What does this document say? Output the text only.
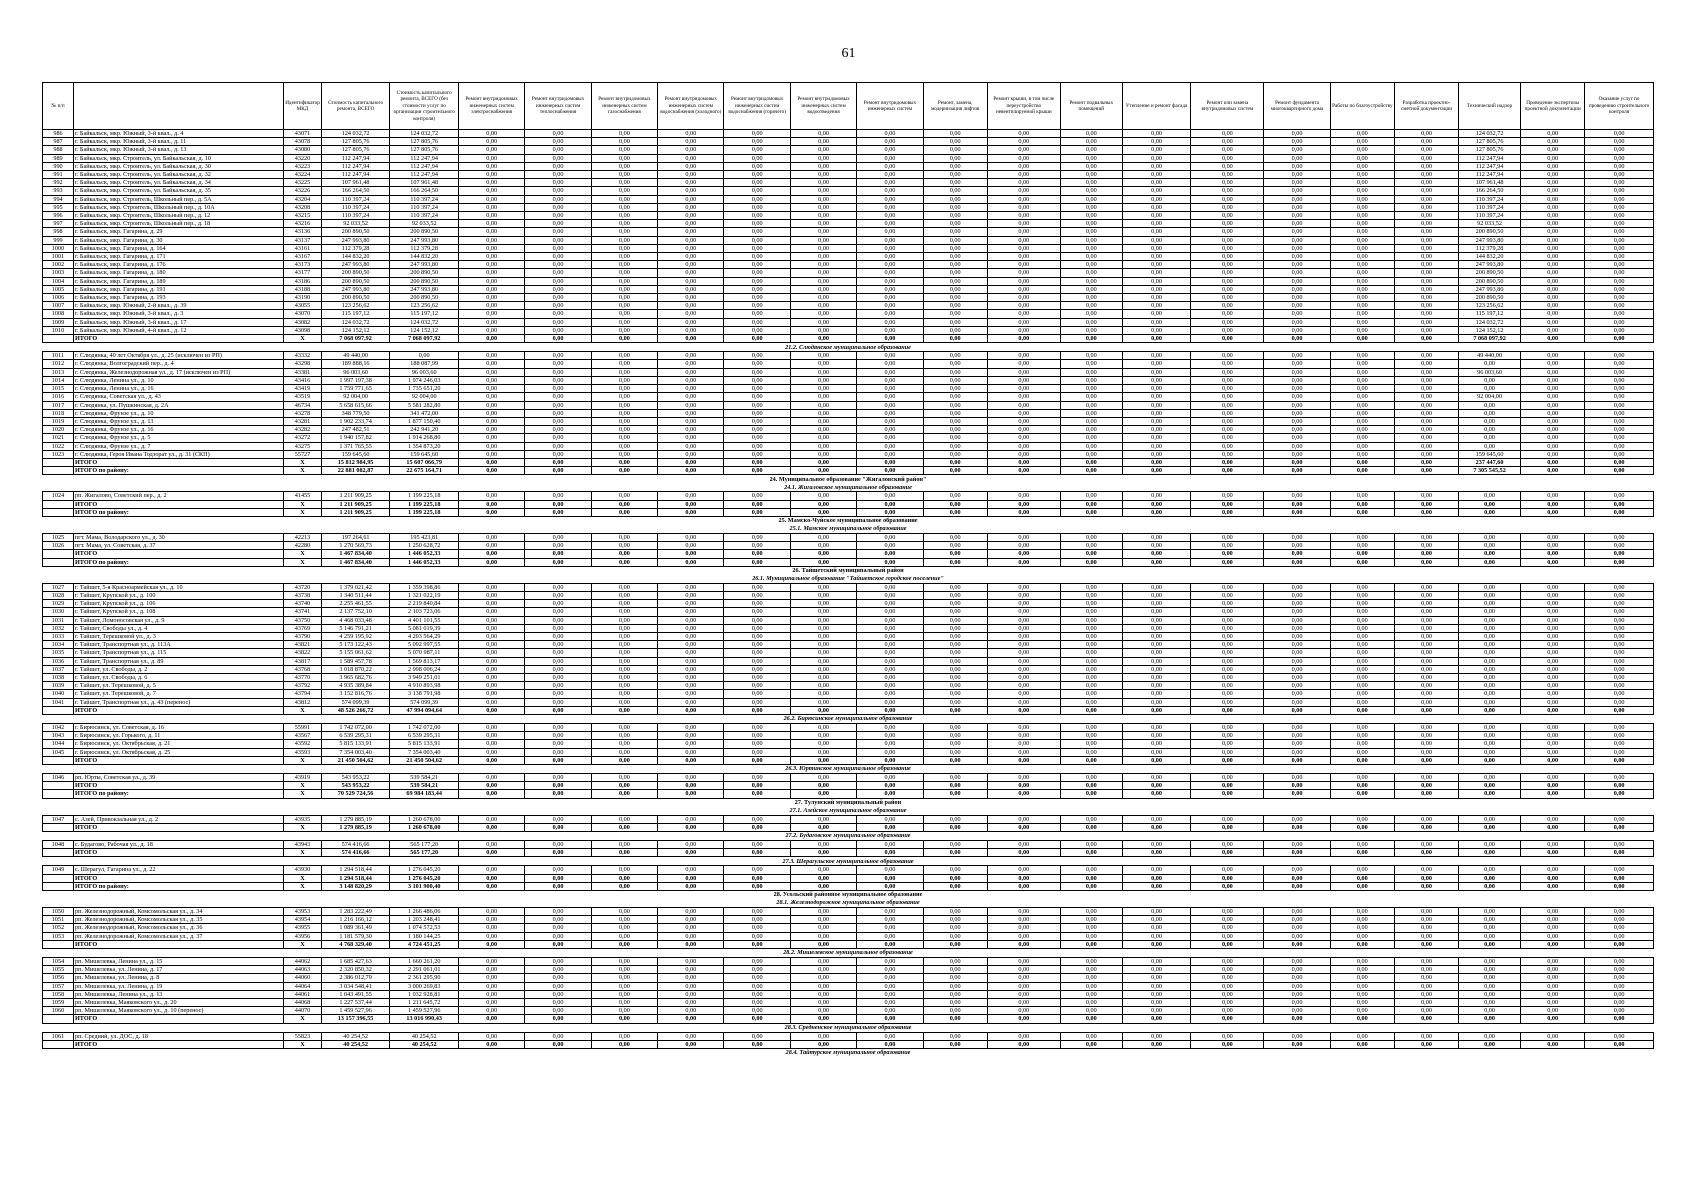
61
№ п/п		Идентификатор МКД	Стоимость капитального ремонта, ВСЕГО	Стоимость капитального ремонта, ВСЕГО (без стоимости услуг по организации строительного контроля)	Ремонт внутридомовых инженерных систем электроснабжения	Ремонт внутридомовых инженерных систем теплоснабжения	Ремонт внутридомовых инженерных систем газоснабжения	Ремонт внутридомовых инженерных систем водоснабжения (холодного)	Ремонт внутридомовых инженерных систем водоснабжения (горячего)	Ремонт внутридомовых инженерных систем водоотведения	Ремонт внутридомовых инженерных систем	Ремонт, замена, модернизация лифтов	Ремонт крыши, в том числе переустройство невентилируемой крыши	Ремонт подвальных помещений	Утепление и ремонт фасада	Ремонт или замена внутридомовых систем	Ремонт фундамента многоквартирного дома	Работы по благоустройству	Разработка проектно-сметной документации	Технический надзор	Проведение экспертизы проектной документации	Оказание услуг по проведению строительного контроля
986	г. Байкальск, мкр. Южный, 3-й квал., д. 4	43071	124 032,72	124 032,72	0,00	0,00	0,00	0,00	0,00	0,00	0,00	0,00	0,00	0,00	0,00	0,00	0,00	0,00	0,00	124 032,72	0,00	0,00
987	г. Байкальск, мкр. Южный, 3-й квал., д. 11	43078	127 805,76	127 805,76	0,00	0,00	0,00	0,00	0,00	0,00	0,00	0,00	0,00	0,00	0,00	0,00	0,00	0,00	0,00	127 805,76	0,00	0,00
988	г. Байкальск, мкр. Южный, 3-й квал., д. 13	43080	127 805,76	127 805,76	0,00	0,00	0,00	0,00	0,00	0,00	0,00	0,00	0,00	0,00	0,00	0,00	0,00	0,00	0,00	127 805,76	0,00	0,00
989	г. Байкальск, мкр. Строитель, ул. Байкальская, д. 10	43220	112 247,94	112 247,94	0,00	0,00	0,00	0,00	0,00	0,00	0,00	0,00	0,00	0,00	0,00	0,00	0,00	0,00	0,00	112 247,94	0,00	0,00
990	г. Байкальск, мкр. Строитель, ул. Байкальская, д. 30	43223	112 247,94	112 247,94	0,00	0,00	0,00	0,00	0,00	0,00	0,00	0,00	0,00	0,00	0,00	0,00	0,00	0,00	0,00	112 247,94	0,00	0,00
991	г. Байкальск, мкр. Строитель, ул. Байкальская, д. 32	43224	112 247,94	112 247,94	0,00	0,00	0,00	0,00	0,00	0,00	0,00	0,00	0,00	0,00	0,00	0,00	0,00	0,00	0,00	112 247,94	0,00	0,00
992	г. Байкальск, мкр. Строитель, ул. Байкальская, д. 34	43225	107 961,48	107 961,48	0,00	0,00	0,00	0,00	0,00	0,00	0,00	0,00	0,00	0,00	0,00	0,00	0,00	0,00	0,00	107 961,48	0,00	0,00
993	г. Байкальск, мкр. Строитель, ул. Байкальская, д. 35	43226	166 264,50	166 264,50	0,00	0,00	0,00	0,00	0,00	0,00	0,00	0,00	0,00	0,00	0,00	0,00	0,00	0,00	0,00	166 264,50	0,00	0,00
994	г. Байкальск, мкр. Строитель, Школьный пер., д. 5А	43204	110 397,24	110 397,24	0,00	0,00	0,00	0,00	0,00	0,00	0,00	0,00	0,00	0,00	0,00	0,00	0,00	0,00	0,00	110 397,24	0,00	0,00
995	г. Байкальск, мкр. Строитель, Школьный пер., д. 10А	43208	110 397,24	110 397,24	0,00	0,00	0,00	0,00	0,00	0,00	0,00	0,00	0,00	0,00	0,00	0,00	0,00	0,00	0,00	110 397,24	0,00	0,00
996	г. Байкальск, мкр. Строитель, Школьный пер., д. 12	43215	110 397,24	110 397,24	0,00	0,00	0,00	0,00	0,00	0,00	0,00	0,00	0,00	0,00	0,00	0,00	0,00	0,00	0,00	110 397,24	0,00	0,00
997	г. Байкальск, мкр. Строитель, Школьный пер., д. 18	43216	92 033,52	92 033,52	0,00	0,00	0,00	0,00	0,00	0,00	0,00	0,00	0,00	0,00	0,00	0,00	0,00	0,00	0,00	92 033,52	0,00	0,00
998	г. Байкальск, мкр. Гагарина, д. 29	43136	200 890,50	200 890,50	0,00	0,00	0,00	0,00	0,00	0,00	0,00	0,00	0,00	0,00	0,00	0,00	0,00	0,00	0,00	200 890,50	0,00	0,00
999	г. Байкальск, мкр. Гагарина, д. 30	43137	247 993,80	247 993,80	0,00	0,00	0,00	0,00	0,00	0,00	0,00	0,00	0,00	0,00	0,00	0,00	0,00	0,00	0,00	247 993,80	0,00	0,00
1000	г. Байкальск, мкр. Гагарина, д. 164	43161	112 379,28	112 379,28	0,00	0,00	0,00	0,00	0,00	0,00	0,00	0,00	0,00	0,00	0,00	0,00	0,00	0,00	0,00	112 379,28	0,00	0,00
1001	г. Байкальск, мкр. Гагарина, д. 171	43167	144 832,20	144 832,20	0,00	0,00	0,00	0,00	0,00	0,00	0,00	0,00	0,00	0,00	0,00	0,00	0,00	0,00	0,00	144 832,20	0,00	0,00
1002	г. Байкальск, мкр. Гагарина, д. 176	43173	247 993,80	247 993,80	0,00	0,00	0,00	0,00	0,00	0,00	0,00	0,00	0,00	0,00	0,00	0,00	0,00	0,00	0,00	247 993,80	0,00	0,00
1003	г. Байкальск, мкр. Гагарина, д. 180	43177	200 890,50	200 890,50	0,00	0,00	0,00	0,00	0,00	0,00	0,00	0,00	0,00	0,00	0,00	0,00	0,00	0,00	0,00	200 890,50	0,00	0,00
1004	г. Байкальск, мкр. Гагарина, д. 189	43186	200 890,50	200 890,50	0,00	0,00	0,00	0,00	0,00	0,00	0,00	0,00	0,00	0,00	0,00	0,00	0,00	0,00	0,00	200 890,50	0,00	0,00
1005	г. Байкальск, мкр. Гагарина, д. 191	43188	247 993,80	247 993,80	0,00	0,00	0,00	0,00	0,00	0,00	0,00	0,00	0,00	0,00	0,00	0,00	0,00	0,00	0,00	247 993,80	0,00	0,00
1006	г. Байкальск, мкр. Гагарина, д. 193	43190	200 890,50	200 890,50	0,00	0,00	0,00	0,00	0,00	0,00	0,00	0,00	0,00	0,00	0,00	0,00	0,00	0,00	0,00	200 890,50	0,00	0,00
1007	г. Байкальск, мкр. Южный, 2-й квал., д. 39	43055	123 256,62	123 256,62	0,00	0,00	0,00	0,00	0,00	0,00	0,00	0,00	0,00	0,00	0,00	0,00	0,00	0,00	0,00	123 256,62	0,00	0,00
1008	г. Байкальск, мкр. Южный, 3-й квал., д. 3	43070	115 197,12	115 197,12	0,00	0,00	0,00	0,00	0,00	0,00	0,00	0,00	0,00	0,00	0,00	0,00	0,00	0,00	0,00	115 197,12	0,00	0,00
1009	г. Байкальск, мкр. Южный, 3-й квал., д. 17	43082	124 032,72	124 032,72	0,00	0,00	0,00	0,00	0,00	0,00	0,00	0,00	0,00	0,00	0,00	0,00	0,00	0,00	0,00	124 032,72	0,00	0,00
1010	г. Байкальск, мкр. Южный, 4-й квал., д. 12	43098	124 152,12	124 152,12	0,00	0,00	0,00	0,00	0,00	0,00	0,00	0,00	0,00	0,00	0,00	0,00	0,00	0,00	0,00	124 152,12	0,00	0,00
	ИТОГО	X	7 068 097,92	7 068 097,92	0,00	0,00	0,00	0,00	0,00	0,00	0,00	0,00	0,00	0,00	0,00	0,00	0,00	0,00	0,00	7 068 097,92	0,00	0,00
21.2. Слюдянское муниципальное образование																						
1011	г. Слюдянка, 40 лет Октября ул., д. 25 (исключен из РП)	43332	49 440,00	0,00	0,00	0,00	0,00	0,00	0,00	0,00	0,00	0,00	0,00	0,00	0,00	0,00	0,00	0,00	0,00	49 440,00	0,00	0,00
1012	г. Слюдянка, Волгоградский пер., д. 4	43298	189 888,16	188 087,99	0,00	0,00	0,00	0,00	0,00	0,00	0,00	0,00	0,00	0,00	0,00	0,00	0,00	0,00	0,00	0,00	0,00	0,00
1013	г. Слюдянка, Железнодорожная ул., д. 17 (исключен из РП)	43381	96 003,60	96 003,60	0,00	0,00	0,00	0,00	0,00	0,00	0,00	0,00	0,00	0,00	0,00	0,00	0,00	0,00	0,00	96 003,60	0,00	0,00
1014	г. Слюдянка, Ленина ул., д. 10	43416	1 997 197,38	1 974 246,03	0,00	0,00	0,00	0,00	0,00	0,00	0,00	0,00	0,00	0,00	0,00	0,00	0,00	0,00	0,00	0,00	0,00	0,00
1015	г. Слюдянка, Ленина ул., д. 16	43419	1 759 771,65	1 735 651,20	0,00	0,00	0,00	0,00	0,00	0,00	0,00	0,00	0,00	0,00	0,00	0,00	0,00	0,00	0,00	0,00	0,00	0,00
1016	г. Слюдянка, Советская ул., д. 43	43519	92 004,00	92 004,00	0,00	0,00	0,00	0,00	0,00	0,00	0,00	0,00	0,00	0,00	0,00	0,00	0,00	0,00	0,00	92 004,00	0,00	0,00
1017	г. Слюдянка, ул. Пушкинская, д. 2А	46734	5 658 615,66	5 581 282,80	0,00	0,00	0,00	0,00	0,00	0,00	0,00	0,00	0,00	0,00	0,00	0,00	0,00	0,00	0,00	0,00	0,00	0,00
1018	г. Слюдянка, Фрунзе ул., д. 10	43278	348 779,50	341 472,00	0,00	0,00	0,00	0,00	0,00	0,00	0,00	0,00	0,00	0,00	0,00	0,00	0,00	0,00	0,00	0,00	0,00	0,00
1019	г. Слюдянка, Фрунзе ул., д. 13	43281	1 902 233,74	1 877 150,40	0,00	0,00	0,00	0,00	0,00	0,00	0,00	0,00	0,00	0,00	0,00	0,00	0,00	0,00	0,00	0,00	0,00	0,00
1020	г. Слюдянка, Фрунзе ул., д. 16	43282	247 482,51	242 941,20	0,00	0,00	0,00	0,00	0,00	0,00	0,00	0,00	0,00	0,00	0,00	0,00	0,00	0,00	0,00	0,00	0,00	0,00
1021	г. Слюдянка, Фрунзе ул., д. 5	43272	1 940 157,82	1 914 268,80	0,00	0,00	0,00	0,00	0,00	0,00	0,00	0,00	0,00	0,00	0,00	0,00	0,00	0,00	0,00	0,00	0,00	0,00
1022	г. Слюдянка, Фрунзе ул., д. 7	43275	1 371 765,55	1 354 873,20	0,00	0,00	0,00	0,00	0,00	0,00	0,00	0,00	0,00	0,00	0,00	0,00	0,00	0,00	0,00	0,00	0,00	0,00
1023	г. Слюдянка, Героя Ивана Тодзорат ул., д. 31 (СКП)	55727	159 645,60	159 645,60	0,00	0,00	0,00	0,00	0,00	0,00	0,00	0,00	0,00	0,00	0,00	0,00	0,00	0,00	0,00	159 645,60	0,00	0,00
	ИТОГО	X	15 812 984,95	15 607 066,79	0,00	0,00	0,00	0,00	0,00	0,00	0,00	0,00	0,00	0,00	0,00	0,00	0,00	0,00	0,00	237 447,60	0,00	0,00
	ИТОГО по району:	X	22 881 082,87	22 675 164,71	0,00	0,00	0,00	0,00	0,00	0,00	0,00	0,00	0,00	0,00	0,00	0,00	0,00	0,00	0,00	7 305 545,52	0,00	0,00
24. Муниципальное образование "Жигаловский район"																						
24.1. Жигаловское муниципальное образование																						
1024	рп. Жигалово, Советский пер., д. 2	41455	1 211 909,25	1 199 225,18	0,00	0,00	0,00	0,00	0,00	0,00	0,00	0,00	0,00	0,00	0,00	0,00	0,00	0,00	0,00	0,00	0,00	0,00
	ИТОГО	X	1 211 909,25	1 199 225,18	0,00	0,00	0,00	0,00	0,00	0,00	0,00	0,00	0,00	0,00	0,00	0,00	0,00	0,00	0,00	0,00	0,00	0,00
	ИТОГО по району:	X	1 211 909,25	1 199 225,18	0,00	0,00	0,00	0,00	0,00	0,00	0,00	0,00	0,00	0,00	0,00	0,00	0,00	0,00	0,00	0,00	0,00	0,00
25. Мамско-Чуйское муниципальное образование																						
25.1. Мамское муниципальное образование																						
1025	пгт. Мама, Володарского ул., д. 30	42213	197 264,61	195 423,81	0,00	0,00	0,00	0,00	0,00	0,00	0,00	0,00	0,00	0,00	0,00	0,00	0,00	0,00	0,00	0,00	0,00	0,00
1026	пгт. Мама, ул. Советская, д. 37	42280	1 270 569,73	1 250 628,72	0,00	0,00	0,00	0,00	0,00	0,00	0,00	0,00	0,00	0,00	0,00	0,00	0,00	0,00	0,00	0,00	0,00	0,00
	ИТОГО	X	1 467 834,40	1 446 052,33	0,00	0,00	0,00	0,00	0,00	0,00	0,00	0,00	0,00	0,00	0,00	0,00	0,00	0,00	0,00	0,00	0,00	0,00
	ИТОГО по району:	X	1 467 834,40	1 446 052,33	0,00	0,00	0,00	0,00	0,00	0,00	0,00	0,00	0,00	0,00	0,00	0,00	0,00	0,00	0,00	0,00	0,00	0,00
26. Тайшетский муниципальный район																						
26.1. Муниципальное образование "Тайшетское городское поселение"																						
1027	г. Тайшет, 5-я Красноармейская ул., д. 10	43720	1 379 021,42	1 359 398,86	0,00	0,00	0,00	0,00	0,00	0,00	0,00	0,00	0,00	0,00	0,00	0,00	0,00	0,00	0,00	0,00	0,00	0,00
1028	г. Тайшет, Крупской ул., д. 100	43738	1 340 511,44	1 321 022,19	0,00	0,00	0,00	0,00	0,00	0,00	0,00	0,00	0,00	0,00	0,00	0,00	0,00	0,00	0,00	0,00	0,00	0,00
1029	г. Тайшет, Крупской ул., д. 106	43740	2 255 461,55	2 219 840,84	0,00	0,00	0,00	0,00	0,00	0,00	0,00	0,00	0,00	0,00	0,00	0,00	0,00	0,00	0,00	0,00	0,00	0,00
1030	г. Тайшет, Крупской ул., д. 108	43741	2 137 752,10	2 103 723,06	0,00	0,00	0,00	0,00	0,00	0,00	0,00	0,00	0,00	0,00	0,00	0,00	0,00	0,00	0,00	0,00	0,00	0,00
1031	г. Тайшет, Ломоносовская ул., д. 9	43750	4 468 033,48	4 401 101,55	0,00	0,00	0,00	0,00	0,00	0,00	0,00	0,00	0,00	0,00	0,00	0,00	0,00	0,00	0,00	0,00	0,00	0,00
1032	г. Тайшет, Свободы ул., д. 4	43769	5 146 791,21	5 081 019,39	0,00	0,00	0,00	0,00	0,00	0,00	0,00	0,00	0,00	0,00	0,00	0,00	0,00	0,00	0,00	0,00	0,00	0,00
1033	г. Тайшет, Терешковой ул., д. 3	43790	4 259 195,92	4 203 564,29	0,00	0,00	0,00	0,00	0,00	0,00	0,00	0,00	0,00	0,00	0,00	0,00	0,00	0,00	0,00	0,00	0,00	0,00
1034	г. Тайшет, Транспортная ул., д. 113А	43821	5 173 122,43	5 092 997,55	0,00	0,00	0,00	0,00	0,00	0,00	0,00	0,00	0,00	0,00	0,00	0,00	0,00	0,00	0,00	0,00	0,00	0,00
1035	г. Тайшет, Транспортная ул., д. 115	43822	5 155 061,62	5 070 987,11	0,00	0,00	0,00	0,00	0,00	0,00	0,00	0,00	0,00	0,00	0,00	0,00	0,00	0,00	0,00	0,00	0,00	0,00
1036	г. Тайшет, Транспортная ул., д. 89	43817	1 589 457,78	1 569 813,17	0,00	0,00	0,00	0,00	0,00	0,00	0,00	0,00	0,00	0,00	0,00	0,00	0,00	0,00	0,00	0,00	0,00	0,00
1037	г. Тайшет, ул. Свободы, д. 2	43768	3 018 870,22	2 998 006,24	0,00	0,00	0,00	0,00	0,00	0,00	0,00	0,00	0,00	0,00	0,00	0,00	0,00	0,00	0,00	0,00	0,00	0,00
1038	г. Тайшет, ул. Свободы, д. 6	43770	3 965 682,76	3 949 251,01	0,00	0,00	0,00	0,00	0,00	0,00	0,00	0,00	0,00	0,00	0,00	0,00	0,00	0,00	0,00	0,00	0,00	0,00
1039	г. Тайшет, ул. Терешковой, д. 5	43792	4 935 389,84	4 910 893,98	0,00	0,00	0,00	0,00	0,00	0,00	0,00	0,00	0,00	0,00	0,00	0,00	0,00	0,00	0,00	0,00	0,00	0,00
1040	г. Тайшет, ул. Терешковой, д. 7	43794	3 152 816,76	3 138 791,98	0,00	0,00	0,00	0,00	0,00	0,00	0,00	0,00	0,00	0,00	0,00	0,00	0,00	0,00	0,00	0,00	0,00	0,00
1041	г. Тайшет, Транспортная ул., д. 43 (перенос)	43812	574 099,39	574 099,39	0,00	0,00	0,00	0,00	0,00	0,00	0,00	0,00	0,00	0,00	0,00	0,00	0,00	0,00	0,00	0,00	0,00	0,00
	ИТОГО	X	48 526 266,72	47 994 094,64	0,00	0,00	0,00	0,00	0,00	0,00	0,00	0,00	0,00	0,00	0,00	0,00	0,00	0,00	0,00	0,00	0,00	0,00
26.2. Бирюсинское муниципальное образование																						
1042	г. Бирюсинск, ул. Советская, д. 16	55991	1 742 072,00	1 742 072,00	0,00	0,00	0,00	0,00	0,00	0,00	0,00	0,00	0,00	0,00	0,00	0,00	0,00	0,00	0,00	0,00	0,00	0,00
1043	г. Бирюсинск, ул. Горького, д. 11	43567	6 539 295,31	6 539 295,31	0,00	0,00	0,00	0,00	0,00	0,00	0,00	0,00	0,00	0,00	0,00	0,00	0,00	0,00	0,00	0,00	0,00	0,00
1044	г. Бирюсинск, ул. Октябрьская, д. 21	43592	5 815 133,91	5 815 133,91	0,00	0,00	0,00	0,00	0,00	0,00	0,00	0,00	0,00	0,00	0,00	0,00	0,00	0,00	0,00	0,00	0,00	0,00
1045	г. Бирюсинск, ул. Октябрьская, д. 25	43593	7 354 003,40	7 354 003,40	0,00	0,00	0,00	0,00	0,00	0,00	0,00	0,00	0,00	0,00	0,00	0,00	0,00	0,00	0,00	0,00	0,00	0,00
	ИТОГО	X	21 450 504,62	21 450 504,62	0,00	0,00	0,00	0,00	0,00	0,00	0,00	0,00	0,00	0,00	0,00	0,00	0,00	0,00	0,00	0,00	0,00	0,00
26.3. Юртинское муниципальное образование																						
1046	рп. Юрты, Советская ул., д. 39	43919	543 953,22	539 584,21	0,00	0,00	0,00	0,00	0,00	0,00	0,00	0,00	0,00	0,00	0,00	0,00	0,00	0,00	0,00	0,00	0,00	0,00
	ИТОГО	X	543 953,22	539 584,21	0,00	0,00	0,00	0,00	0,00	0,00	0,00	0,00	0,00	0,00	0,00	0,00	0,00	0,00	0,00	0,00	0,00	0,00
	ИТОГО по району:	X	70 529 724,56	69 984 183,44	0,00	0,00	0,00	0,00	0,00	0,00	0,00	0,00	0,00	0,00	0,00	0,00	0,00	0,00	0,00	0,00	0,00	0,00
27. Тулунский муниципальный район																						
27.1. Азейское муниципальное образование																						
1047	с. Азей, Привокзальная ул., д. 2	43935	1 279 885,19	1 260 678,00	0,00	0,00	0,00	0,00	0,00	0,00	0,00	0,00	0,00	0,00	0,00	0,00	0,00	0,00	0,00	0,00	0,00	0,00
	ИТОГО	X	1 279 885,19	1 260 678,00	0,00	0,00	0,00	0,00	0,00	0,00	0,00	0,00	0,00	0,00	0,00	0,00	0,00	0,00	0,00	0,00	0,00	0,00
27.2. Будаговское муниципальное образование																						
1048	с. Будагово, Рабочая ул., д. 18	43943	574 416,66	565 177,20	0,00	0,00	0,00	0,00	0,00	0,00	0,00	0,00	0,00	0,00	0,00	0,00	0,00	0,00	0,00	0,00	0,00	0,00
	ИТОГО	X	574 416,66	565 177,20	0,00	0,00	0,00	0,00	0,00	0,00	0,00	0,00	0,00	0,00	0,00	0,00	0,00	0,00	0,00	0,00	0,00	0,00
27.3. Шерагульское муниципальное образование																						
1049	с. Шерагул, Гагарина ул., д. 22	43930	1 294 518,44	1 276 045,20	0,00	0,00	0,00	0,00	0,00	0,00	0,00	0,00	0,00	0,00	0,00	0,00	0,00	0,00	0,00	0,00	0,00	0,00
	ИТОГО	X	1 294 518,44	1 276 045,20	0,00	0,00	0,00	0,00	0,00	0,00	0,00	0,00	0,00	0,00	0,00	0,00	0,00	0,00	0,00	0,00	0,00	0,00
	ИТОГО по району:	X	3 148 820,29	3 101 900,40	0,00	0,00	0,00	0,00	0,00	0,00	0,00	0,00	0,00	0,00	0,00	0,00	0,00	0,00	0,00	0,00	0,00	0,00
28. Усольский районное муниципальное образование																						
28.1. Железнодорожное муниципальное образование																						
1050	рп. Железнодорожный, Комсомольская ул., д. 34	43953	1 283 222,49	1 266 486,06	0,00	0,00	0,00	0,00	0,00	0,00	0,00	0,00	0,00	0,00	0,00	0,00	0,00	0,00	0,00	0,00	0,00	0,00
1051	рп. Железнодорожный, Комсомольская ул., д. 35	43954	1 216 166,12	1 203 248,41	0,00	0,00	0,00	0,00	0,00	0,00	0,00	0,00	0,00	0,00	0,00	0,00	0,00	0,00	0,00	0,00	0,00	0,00
1052	рп. Железнодорожный, Комсомольская ул., д. 36	43955	1 089 361,49	1 074 572,53	0,00	0,00	0,00	0,00	0,00	0,00	0,00	0,00	0,00	0,00	0,00	0,00	0,00	0,00	0,00	0,00	0,00	0,00
1053	рп. Железнодорожный, Комсомольская ул., д. 37	43956	1 181 579,30	1 180 144,25	0,00	0,00	0,00	0,00	0,00	0,00	0,00	0,00	0,00	0,00	0,00	0,00	0,00	0,00	0,00	0,00	0,00	0,00
	ИТОГО	X	4 768 329,40	4 724 451,25	0,00	0,00	0,00	0,00	0,00	0,00	0,00	0,00	0,00	0,00	0,00	0,00	0,00	0,00	0,00	0,00	0,00	0,00
28.2. Мишелевское муниципальное образование																						
1054	рп. Мишелевка, Ленина ул., д. 15	44062	1 685 427,63	1 660 261,20	0,00	0,00	0,00	0,00	0,00	0,00	0,00	0,00	0,00	0,00	0,00	0,00	0,00	0,00	0,00	0,00	0,00	0,00
1055	рп. Мишелевка, ул. Ленина, д. 17	44063	2 320 850,32	2 291 061,01	0,00	0,00	0,00	0,00	0,00	0,00	0,00	0,00	0,00	0,00	0,00	0,00	0,00	0,00	0,00	0,00	0,00	0,00
1056	рп. Мишелевка, ул. Ленина, д. 8	44060	2 386 012,79	2 361 295,90	0,00	0,00	0,00	0,00	0,00	0,00	0,00	0,00	0,00	0,00	0,00	0,00	0,00	0,00	0,00	0,00	0,00	0,00
1057	рп. Мишелевка, ул. Ленина, д. 19	44064	3 034 548,41	3 000 269,83	0,00	0,00	0,00	0,00	0,00	0,00	0,00	0,00	0,00	0,00	0,00	0,00	0,00	0,00	0,00	0,00	0,00	0,00
1058	рп. Мишелевка, Ленина ул., д. 13	44061	1 043 491,55	1 032 928,81	0,00	0,00	0,00	0,00	0,00	0,00	0,00	0,00	0,00	0,00	0,00	0,00	0,00	0,00	0,00	0,00	0,00	0,00
1059	рп. Мишелевка, Маяковского ул., д. 20	44068	1 227 537,44	1 211 645,72	0,00	0,00	0,00	0,00	0,00	0,00	0,00	0,00	0,00	0,00	0,00	0,00	0,00	0,00	0,00	0,00	0,00	0,00
1060	рп. Мишелевка, Маяковского ул., д. 10 (перенос)	44070	1 459 527,96	1 459 527,96	0,00	0,00	0,00	0,00	0,00	0,00	0,00	0,00	0,00	0,00	0,00	0,00	0,00	0,00	0,00	0,00	0,00	0,00
	ИТОГО	X	13 157 396,55	13 016 990,43	0,00	0,00	0,00	0,00	0,00	0,00	0,00	0,00	0,00	0,00	0,00	0,00	0,00	0,00	0,00	0,00	0,00	0,00
28.3. Средненское муниципальное образование																						
1061	рп. Средний, ул. ДОС, д. 18	55823	40 254,52	40 254,52	0,00	0,00	0,00	0,00	0,00	0,00	0,00	0,00	0,00	0,00	0,00	0,00	0,00	0,00	0,00	0,00	0,00	0,00
	ИТОГО	X	40 254,52	40 254,52	0,00	0,00	0,00	0,00	0,00	0,00	0,00	0,00	0,00	0,00	0,00	0,00	0,00	0,00	0,00	0,00	0,00	0,00
28.4. Тайтурское муниципальное образование																						
